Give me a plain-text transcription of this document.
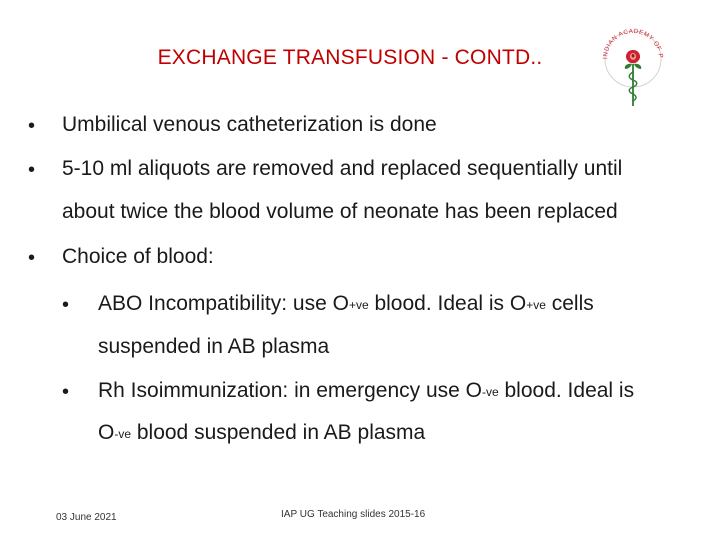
EXCHANGE TRANSFUSION - CONTD..	INDIAN ACADEMY OF P
• Umbilical venous catheterization is done
• 5-10 ml aliquots are removed and replaced sequentially until
about twice the blood volume of neonate has been replaced
• Choice of blood:
• ABO Incompatibility: use O+ve blood. Ideal is O+ve cells
suspended in AB plasma
• Rh Isoimmunization: in emergency use O-ve blood. Ideal is
O-ve blood suspended in AB plasma
03 June 2021	IAP UG Teaching slides 2015-16
